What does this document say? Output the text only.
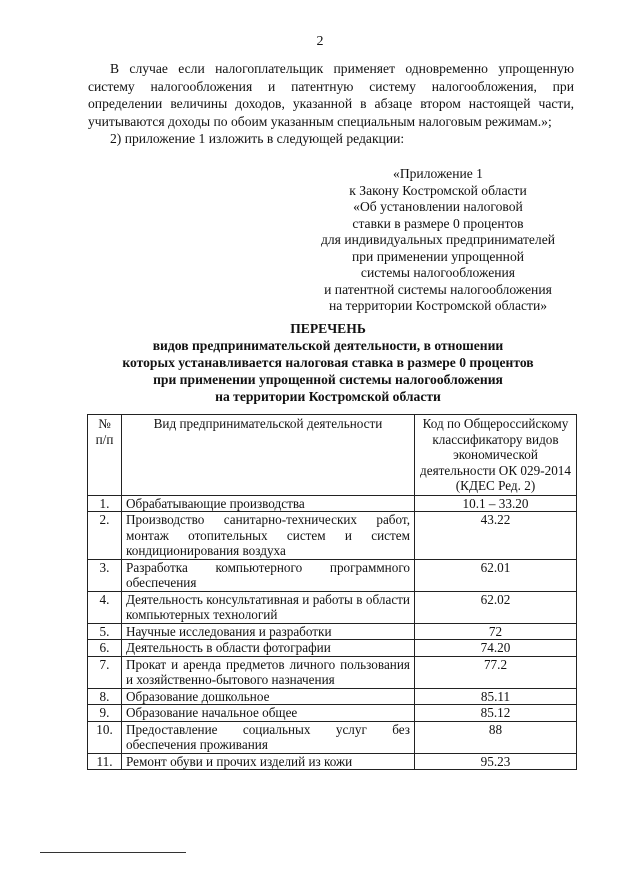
2

В случае если налогоплательщик применяет одновременно упрощенную систему налогообложения и патентную систему налогообложения, при определении величины доходов, указанной в абзаце втором настоящей части, учитываются доходы по обоим указанным специальным налоговым режимам.»;

2) приложение 1 изложить в следующей редакции:

«Приложение 1
к Закону Костромской области
«Об установлении налоговой
ставки в размере 0 процентов
для индивидуальных предпринимателей
при применении упрощенной
системы налогообложения
и патентной системы налогообложения
на территории Костромской области»
ПЕРЕЧЕНЬ
видов предпринимательской деятельности, в отношении
которых устанавливается налоговая ставка в размере 0 процентов
при применении упрощенной системы налогообложения
на территории Костромской области
№ п/п	Вид предпринимательской деятельности	Код по Общероссийскому классификатору видов экономической деятельности ОК 029-2014 (КДЕС Ред. 2)
1.	Обрабатывающие производства	10.1 – 33.20
2.	Производство санитарно-технических работ, монтаж отопительных систем и систем кондиционирования воздуха	43.22
3.	Разработка компьютерного программного обеспечения	62.01
4.	Деятельность консультативная и работы в области компьютерных технологий	62.02
5.	Научные исследования и разработки	72
6.	Деятельность в области фотографии	74.20
7.	Прокат и аренда предметов личного пользования и хозяйственно-бытового назначения	77.2
8.	Образование дошкольное	85.11
9.	Образование начальное общее	85.12
10.	Предоставление социальных услуг без обеспечения проживания	88
11.	Ремонт обуви и прочих изделий из кожи	95.23
